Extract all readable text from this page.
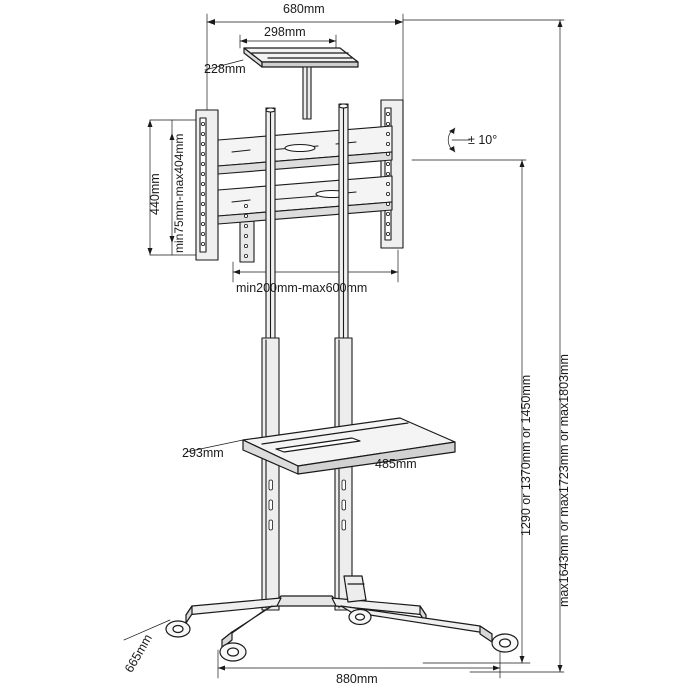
680mm
298mm
228mm
440mm min75mm-max404mm
min200mm-max600mm
± 10°
1290 or 1370mm or 1450mm max1643mm or max1723mm or max1803mm
293mm
485mm
665mm
880mm
